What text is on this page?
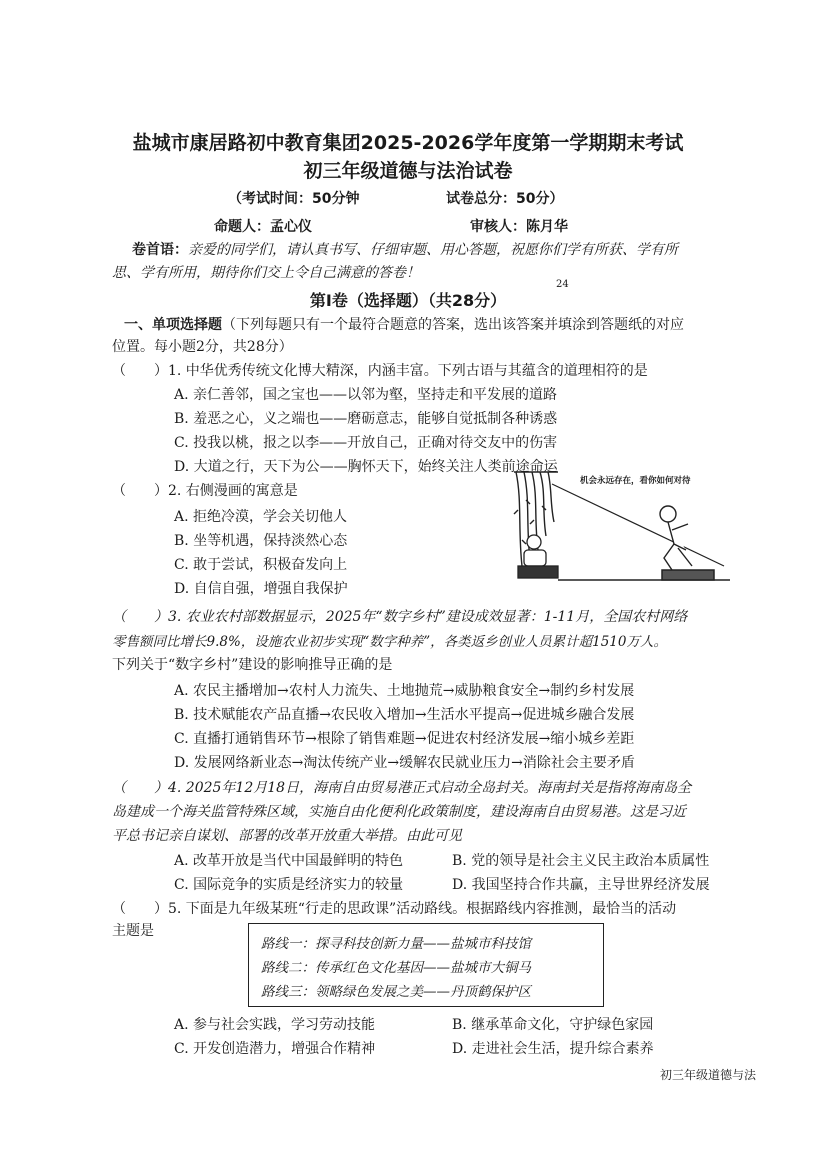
盐城市康居路初中教育集团2025-2026学年度第一学期期末考试
初三年级道德与法治试卷
（考试时间：50分钟	试卷总分：50分）
命题人：孟心仪	审核人：陈月华
卷首语：亲爱的同学们，请认真书写、仔细审题、用心答题，祝愿你们学有所获、学有所
思、学有所用，期待你们交上令自己满意的答卷！
24
第Ⅰ卷（选择题）（共28分）
一、单项选择题（下列每题只有一个最符合题意的答案，选出该答案并填涂到答题纸的对应
位置。每小题2分，共28分）
（　　）1. 中华优秀传统文化博大精深，内涵丰富。下列古语与其蕴含的道理相符的是
A. 亲仁善邻，国之宝也——以邻为壑，坚持走和平发展的道路
B. 羞恶之心，义之端也——磨砺意志，能够自觉抵制各种诱惑
C. 投我以桃，报之以李——开放自己，正确对待交友中的伤害
D. 大道之行，天下为公——胸怀天下，始终关注人类前途命运
（　　）2. 右侧漫画的寓意是
A. 拒绝冷漠，学会关切他人
B. 坐等机遇，保持淡然心态
C. 敢于尝试，积极奋发向上
D. 自信自强，增强自我保护
机会永远存在，看你如何对待
（　　）3. 农业农村部数据显示，2025年“数字乡村”建设成效显著：1-11月，全国农村网络
零售额同比增长9.8%，设施农业初步实现“数字种养”，各类返乡创业人员累计超1510万人。
下列关于“数字乡村”建设的影响推导正确的是
A. 农民主播增加→农村人力流失、土地抛荒→威胁粮食安全→制约乡村发展
B. 技术赋能农产品直播→农民收入增加→生活水平提高→促进城乡融合发展
C. 直播打通销售环节→根除了销售难题→促进农村经济发展→缩小城乡差距
D. 发展网络新业态→淘汰传统产业→缓解农民就业压力→消除社会主要矛盾
（　　）4. 2025年12月18日，海南自由贸易港正式启动全岛封关。海南封关是指将海南岛全
岛建成一个海关监管特殊区域，实施自由化便利化政策制度，建设海南自由贸易港。这是习近
平总书记亲自谋划、部署的改革开放重大举措。由此可见
A. 改革开放是当代中国最鲜明的特色	B. 党的领导是社会主义民主政治本质属性
C. 国际竞争的实质是经济实力的较量	D. 我国坚持合作共赢，主导世界经济发展
路线一：探寻科技创新力量——盐城市科技馆
路线二：传承红色文化基因——盐城市大铜马
路线三：领略绿色发展之美——丹顶鹤保护区
（　　）5. 下面是九年级某班“行走的思政课”活动路线。根据路线内容推测，最恰当的活动
主题是
A. 参与社会实践，学习劳动技能	B. 继承革命文化，守护绿色家园
C. 开发创造潜力，增强合作精神	D. 走进社会生活，提升综合素养
初三年级道德与法
